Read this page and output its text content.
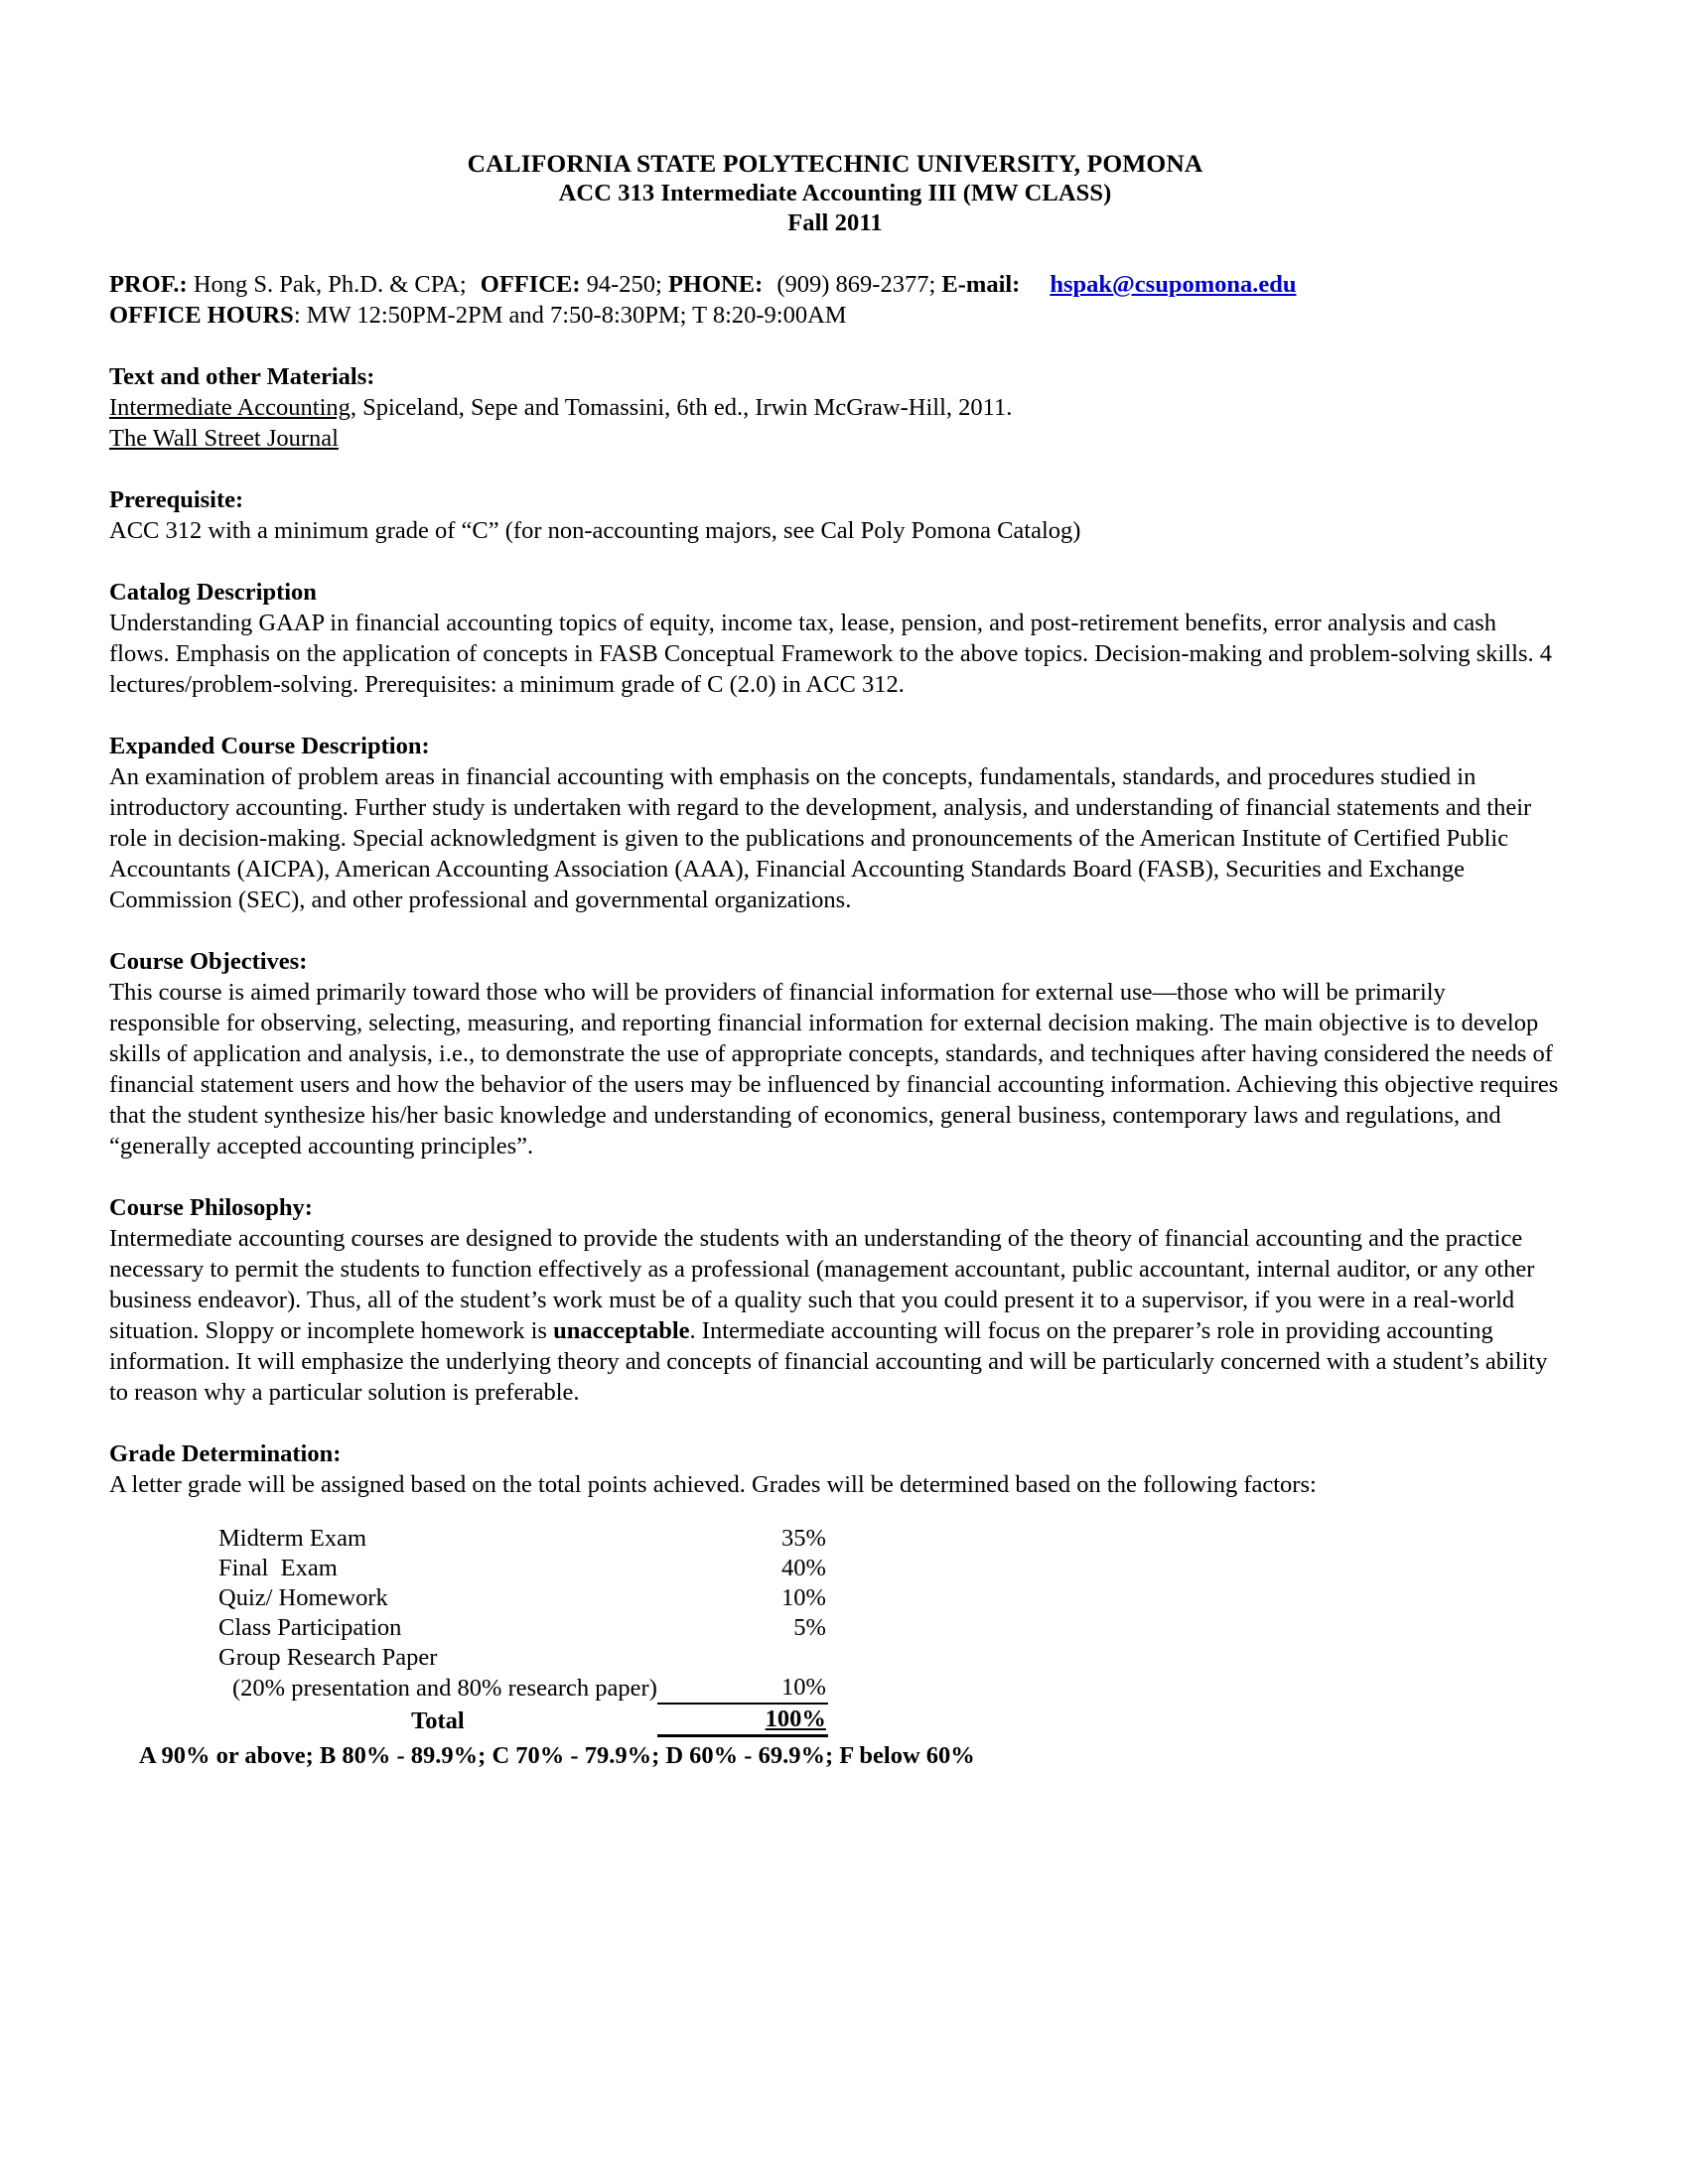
CALIFORNIA STATE POLYTECHNIC UNIVERSITY, POMONA
ACC 313 Intermediate Accounting III (MW CLASS)
Fall 2011
PROF.: Hong S. Pak, Ph.D. & CPA; OFFICE: 94-250; PHONE: (909) 869-2377; E-mail: hspak@csupomona.edu
OFFICE HOURS: MW 12:50PM-2PM and 7:50-8:30PM; T 8:20-9:00AM
Text and other Materials:
Intermediate Accounting, Spiceland, Sepe and Tomassini, 6th ed., Irwin McGraw-Hill, 2011.
The Wall Street Journal
Prerequisite:
ACC 312 with a minimum grade of “C” (for non-accounting majors, see Cal Poly Pomona Catalog)
Catalog Description
Understanding GAAP in financial accounting topics of equity, income tax, lease, pension, and post-retirement benefits, error analysis and cash flows. Emphasis on the application of concepts in FASB Conceptual Framework to the above topics. Decision-making and problem-solving skills. 4 lectures/problem-solving. Prerequisites: a minimum grade of C (2.0) in ACC 312.
Expanded Course Description:
An examination of problem areas in financial accounting with emphasis on the concepts, fundamentals, standards, and procedures studied in introductory accounting. Further study is undertaken with regard to the development, analysis, and understanding of financial statements and their role in decision-making. Special acknowledgment is given to the publications and pronouncements of the American Institute of Certified Public Accountants (AICPA), American Accounting Association (AAA), Financial Accounting Standards Board (FASB), Securities and Exchange Commission (SEC), and other professional and governmental organizations.
Course Objectives:
This course is aimed primarily toward those who will be providers of financial information for external use—those who will be primarily responsible for observing, selecting, measuring, and reporting financial information for external decision making. The main objective is to develop skills of application and analysis, i.e., to demonstrate the use of appropriate concepts, standards, and techniques after having considered the needs of financial statement users and how the behavior of the users may be influenced by financial accounting information. Achieving this objective requires that the student synthesize his/her basic knowledge and understanding of economics, general business, contemporary laws and regulations, and “generally accepted accounting principles”.
Course Philosophy:
Intermediate accounting courses are designed to provide the students with an understanding of the theory of financial accounting and the practice necessary to permit the students to function effectively as a professional (management accountant, public accountant, internal auditor, or any other business endeavor). Thus, all of the student’s work must be of a quality such that you could present it to a supervisor, if you were in a real-world situation. Sloppy or incomplete homework is unacceptable. Intermediate accounting will focus on the preparer’s role in providing accounting information. It will emphasize the underlying theory and concepts of financial accounting and will be particularly concerned with a student’s ability to reason why a particular solution is preferable.
Grade Determination:
A letter grade will be assigned based on the total points achieved. Grades will be determined based on the following factors:
Midterm Exam	35%
Final  Exam	40%
Quiz/ Homework	10%
Class Participation	5%
Group Research Paper	
(20% presentation and 80% research paper)	10%
Total	100%
A 90% or above; B 80% - 89.9%; C 70% - 79.9%; D 60% - 69.9%; F below 60%
